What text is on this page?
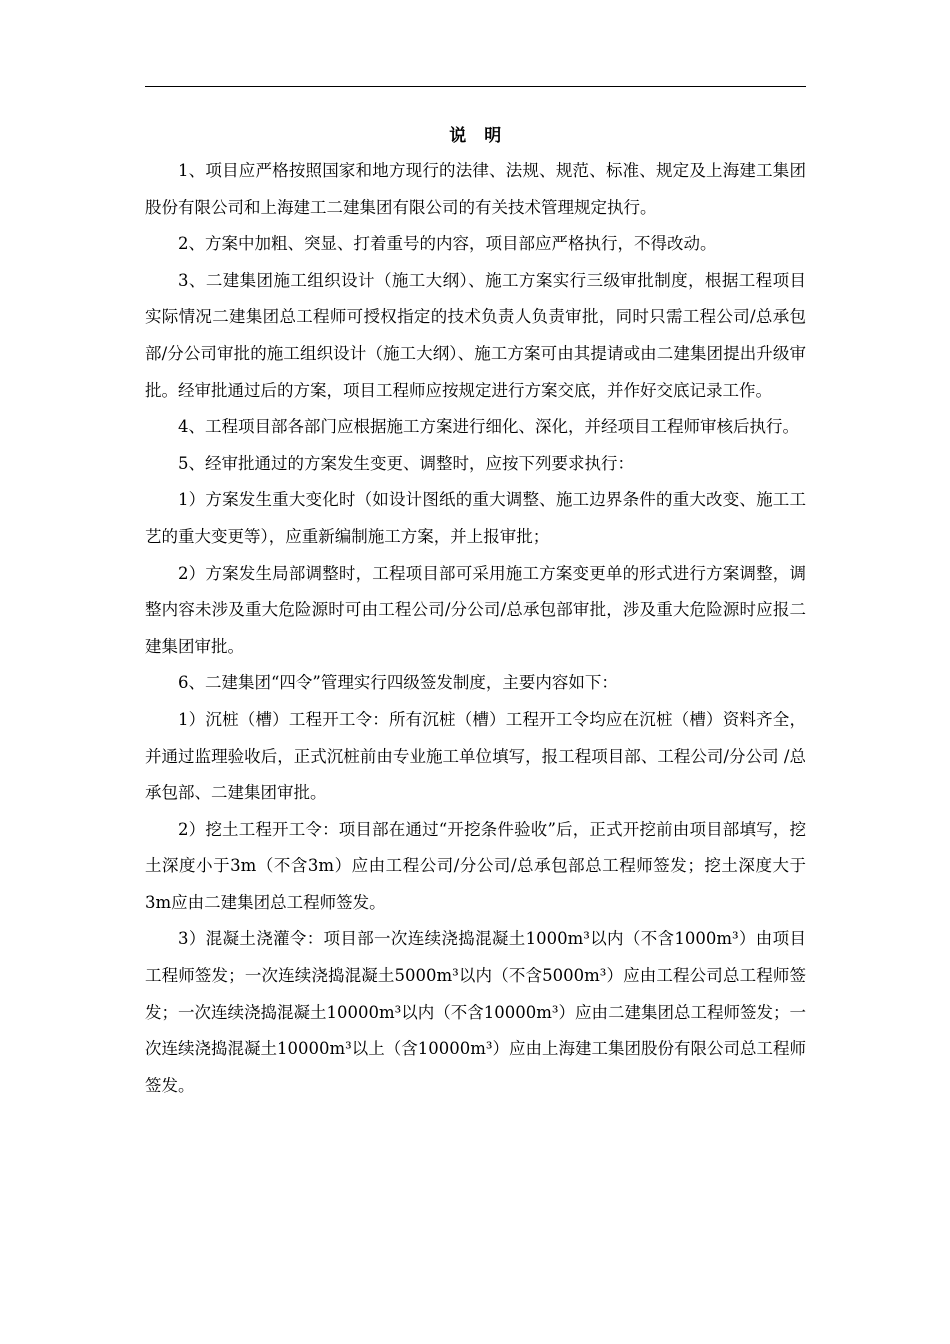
说　明

1、项目应严格按照国家和地方现行的法律、法规、规范、标准、规定及上海建工集团股份有限公司和上海建工二建集团有限公司的有关技术管理规定执行。

2、方案中加粗、突显、打着重号的内容，项目部应严格执行，不得改动。

3、二建集团施工组织设计（施工大纲）、施工方案实行三级审批制度，根据工程项目实际情况二建集团总工程师可授权指定的技术负责人负责审批，同时只需工程公司/总承包部/分公司审批的施工组织设计（施工大纲）、施工方案可由其提请或由二建集团提出升级审批。经审批通过后的方案，项目工程师应按规定进行方案交底，并作好交底记录工作。

4、工程项目部各部门应根据施工方案进行细化、深化，并经项目工程师审核后执行。

5、经审批通过的方案发生变更、调整时，应按下列要求执行：

1）方案发生重大变化时（如设计图纸的重大调整、施工边界条件的重大改变、施工工艺的重大变更等），应重新编制施工方案，并上报审批；

2）方案发生局部调整时，工程项目部可采用施工方案变更单的形式进行方案调整，调整内容未涉及重大危险源时可由工程公司/分公司/总承包部审批，涉及重大危险源时应报二建集团审批。

6、二建集团“四令”管理实行四级签发制度，主要内容如下：

1）沉桩（槽）工程开工令：所有沉桩（槽）工程开工令均应在沉桩（槽）资料齐全，并通过监理验收后，正式沉桩前由专业施工单位填写，报工程项目部、工程公司/分公司 /总承包部、二建集团审批。

2）挖土工程开工令：项目部在通过“开挖条件验收”后，正式开挖前由项目部填写，挖土深度小于3m（不含3m）应由工程公司/分公司/总承包部总工程师签发；挖土深度大于3m应由二建集团总工程师签发。

3）混凝土浇灌令：项目部一次连续浇捣混凝土1000m³以内（不含1000m³）由项目工程师签发；一次连续浇捣混凝土5000m³以内（不含5000m³）应由工程公司总工程师签发；一次连续浇捣混凝土10000m³以内（不含10000m³）应由二建集团总工程师签发；一次连续浇捣混凝土10000m³以上（含10000m³）应由上海建工集团股份有限公司总工程师签发。
